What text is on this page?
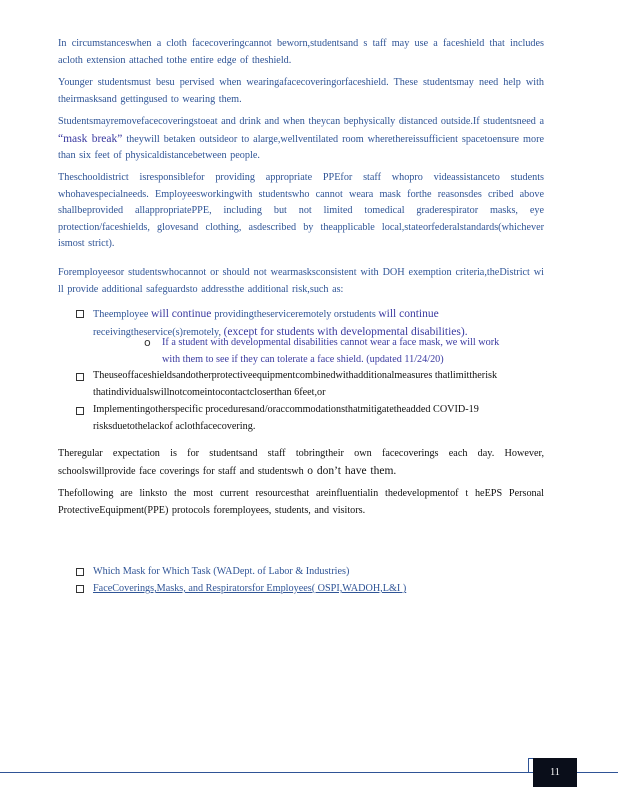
In circumstanceswhen a cloth facecoveringcannot beworn,studentsand s taff may use a faceshield that includes acloth extension attached tothe entire edge of theshield.
Younger studentsmust besu pervised when wearingafacecoveringorfaceshield. These studentsmay need help with theirmasksand gettingused to wearing them.
Studentsmayremovefacecoveringstoeat and drink and when theycan bephysically distanced outside.If studentsneed a “mask break” theywill betaken outsideor to alarge,wellventilated room wherethereissufficient spacetoensure more than six feet of physicaldistancebetween people.
Theschooldistrict isresponsiblefor providing appropriate PPEfor staff whopro videassistanceto students whohavespecialneeds. Employeesworkingwith studentswho cannot weara mask forthe reasonsdes cribed above shallbeprovided allappropriatePPE, including but not limited tomedical graderespirator masks, eye protection/faceshields, glovesand clothing, asdescribed by theapplicable local,stateorfederalstandards(whichever ismost strict).
Foremployeesor studentswhocannot or should not wearmasksconsistent with DOH exemption criteria,theDistrict wi ll provide additional safeguardsto addressthe additional risk,such as:
Theemployee will continue providingtheserviceremotely orstudents will continue
receivingtheservice(s)remotely, (except for students with developmental disabilities).
o If a student with developmental disabilities cannot wear a face mask, we will work with them to see if they can tolerate a face shield. (updated 11/24/20)
Theuseoffaceshieldsandotherprotectiveequipmentcombinedwithadditionalmeasures thatlimittherisk thatindividualswillnotcomeintocontactcloserthan 6feet,or
Implementingotherspecific proceduresand/oraccommodationsthatmitigatetheadded COVID-19 risksduetothelackof aclothfacecovering.
Theregular expectation is for studentsand staff tobringtheir own facecoverings each day. However, schoolswillprovide face coverings for staff and studentswh o don’t have them.
Thefollowing are linksto the most current resourcesthat areinfluentialin thedevelopmentof t heEPS Personal ProtectiveEquipment(PPE) protocols foremployees, students, and visitors.
Which Mask for Which Task (WADept. of Labor & Industries)
FaceCoverings,Masks, and Respiratorsfor Employees( OSPI,WADOH,L&I )
11
